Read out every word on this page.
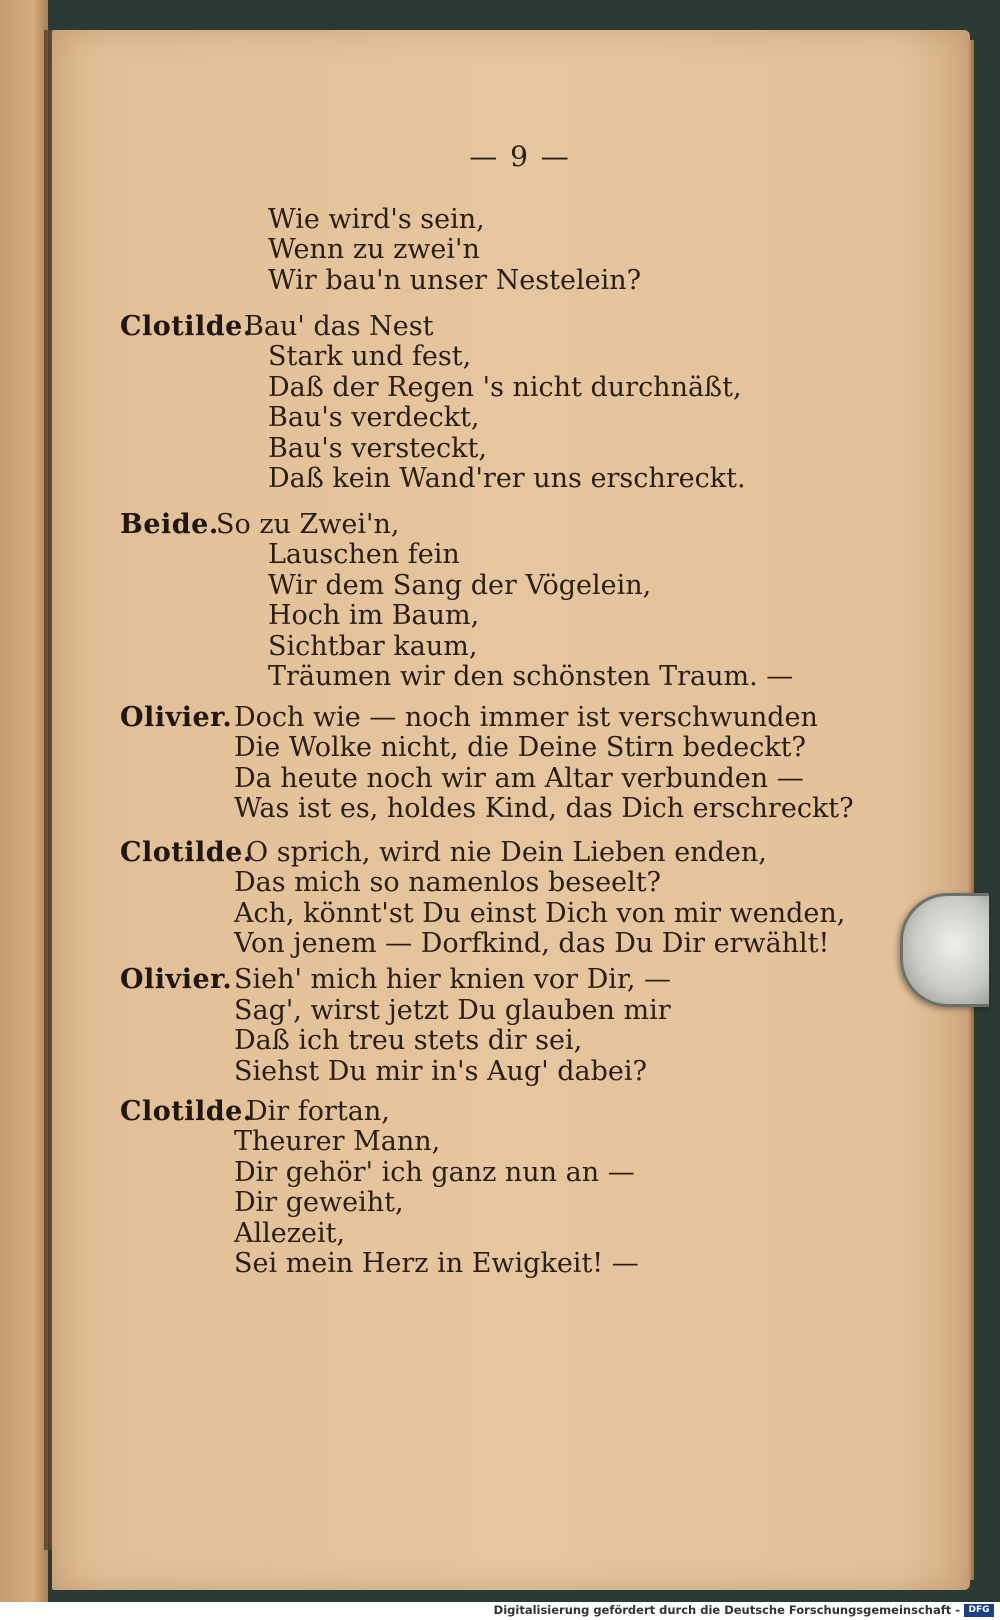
— 9 —
Wie wird's sein,
Wenn zu zwei'n
Wir bau'n unser Nestelein?
Clotilde.
Bau' das Nest
Stark und fest,
Daß der Regen 's nicht durchnäßt,
Bau's verdeckt,
Bau's versteckt,
Daß kein Wand'rer uns erschreckt.
Beide.
So zu Zwei'n,
Lauschen fein
Wir dem Sang der Vögelein,
Hoch im Baum,
Sichtbar kaum,
Träumen wir den schönsten Traum. —
Olivier. Doch wie — noch immer ist verschwunden
Die Wolke nicht, die Deine Stirn bedeckt?
Da heute noch wir am Altar verbunden —
Was ist es, holdes Kind, das Dich erschreckt?
Clotilde.
O sprich, wird nie Dein Lieben enden,
Das mich so namenlos beseelt?
Ach, könnt'st Du einst Dich von mir wenden,
Von jenem — Dorfkind, das Du Dir erwählt!
Olivier. Sieh' mich hier knien vor Dir, —
Sag', wirst jetzt Du glauben mir
Daß ich treu stets dir sei,
Siehst Du mir in's Aug' dabei?
Clotilde.
Dir fortan,
Theurer Mann,
Dir gehör' ich ganz nun an —
Dir geweiht,
Allezeit,
Sei mein Herz in Ewigkeit! —
Digitalisierung gefördert durch die Deutsche Forschungsgemeinschaft - DFG
